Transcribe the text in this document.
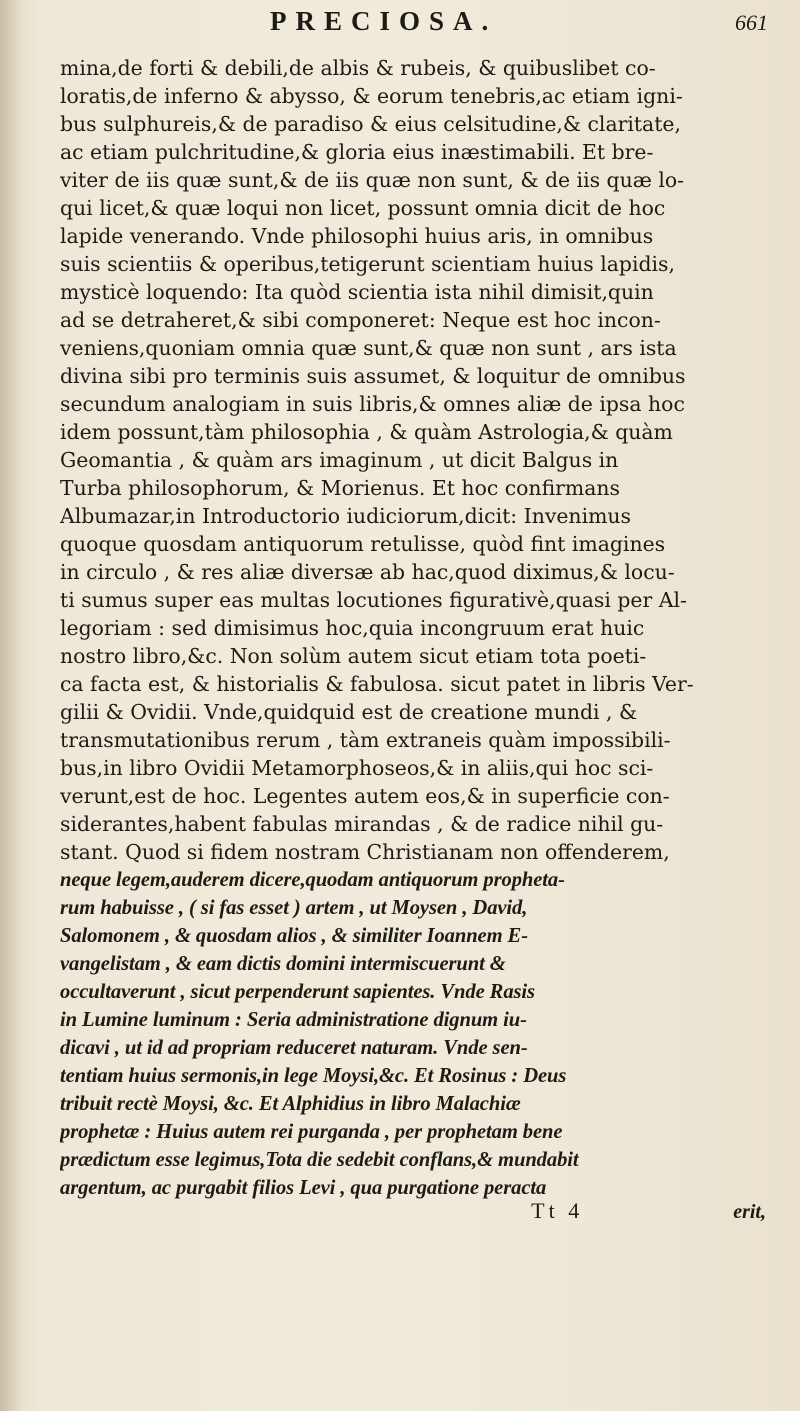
PRECIOSA.	661
mina,de forti & debili,de albis & rubeis, & quibuslibet co-
loratis,de inferno & abysso, & eorum tenebris,ac etiam igni-
bus sulphureis,& de paradiso & eius celsitudine,& claritate,
ac etiam pulchritudine,& gloria eius inæstimabili. Et bre-
viter de iis quæ sunt,& de iis quæ non sunt, & de iis quæ lo-
qui licet,& quæ loqui non licet, possunt omnia dicit de hoc
lapide venerando. Vnde philosophi huius aris, in omnibus
suis scientiis & operibus,tetigerunt scientiam huius lapidis,
mysticè loquendo: Ita quòd scientia ista nihil dimisit,quin
ad se detraheret,& sibi componeret: Neque est hoc incon-
veniens,quoniam omnia quæ sunt,& quæ non sunt , ars ista
divina sibi pro terminis suis assumet, & loquitur de omnibus
secundum analogiam in suis libris,& omnes aliæ de ipsa hoc
idem possunt,tàm philosophia , & quàm Astrologia,& quàm
Geomantia , & quàm ars imaginum , ut dicit Balgus in
Turba philosophorum, & Morienus. Et hoc confirmans
Albumazar,in Introductorio iudiciorum,dicit: Invenimus
quoque quosdam antiquorum retulisse, quòd fint imagines
in circulo , & res aliæ diversæ ab hac,quod diximus,& locu-
ti sumus super eas multas locutiones figurativè,quasi per Al-
legoriam : sed dimisimus hoc,quia incongruum erat huic
nostro libro,&c. Non solùm autem sicut etiam tota poeti-
ca facta est, & historialis & fabulosa. sicut patet in libris Ver-
gilii & Ovidii. Vnde,quidquid est de creatione mundi , &
transmutationibus rerum , tàm extraneis quàm impossibili-
bus,in libro Ovidii Metamorphoseos,& in aliis,qui hoc sci-
verunt,est de hoc. Legentes autem eos,& in superficie con-
siderantes,habent fabulas mirandas , & de radice nihil gu-
stant. Quod si fidem nostram Christianam non offenderem,
neque legem,auderem dicere,quodam antiquorum propheta-
rum habuisse , ( si fas esset ) artem , ut Moysen , David,
Salomonem , & quosdam alios , & similiter Ioannem E-
vangelistam , & eam dictis domini intermiscuerunt &
occultaverunt , sicut perpenderunt sapientes. Vnde Rasis
in Lumine luminum : Seria administratione dignum iu-
dicavi , ut id ad propriam reduceret naturam. Vnde sen-
tentiam huius sermonis,in lege Moysi,&c. Et Rosinus : Deus
tribuit rectè Moysi, &c. Et Alphidius in libro Malachiæ
prophetæ : Huius autem rei purganda , per prophetam bene
prædictum esse legimus,Tota die sedebit conflans,& mundabit
argentum, ac purgabit filios Levi , qua purgatione peracta
Tt 4	erit,
